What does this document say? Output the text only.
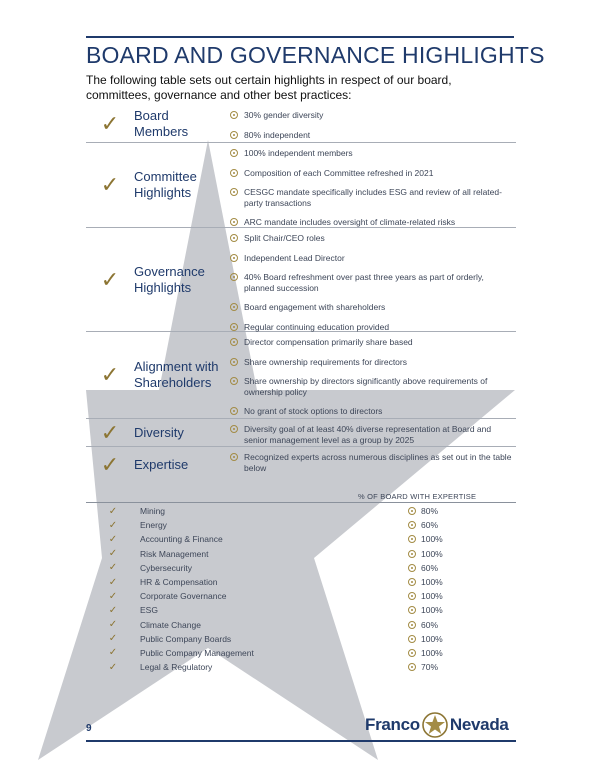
BOARD AND GOVERNANCE HIGHLIGHTS
The following table sets out certain highlights in respect of our board, committees, governance and other best practices:
✓	Board Members
30% gender diversity
80% independent
✓	Committee Highlights
100% independent members
Composition of each Committee refreshed in 2021
CESGC mandate specifically includes ESG and review of all related-party transactions
ARC mandate includes oversight of climate-related risks
✓	Governance Highlights
Split Chair/CEO roles
Independent Lead Director
40% Board refreshment over past three years as part of orderly, planned succession
Board engagement with shareholders
Regular continuing education provided
✓	Alignment with Shareholders
Director compensation primarily share based
Share ownership requirements for directors
Share ownership by directors significantly above requirements of ownership policy
No grant of stock options to directors
✓	Diversity	Diversity goal of at least 40% diverse representation at Board and senior management level as a group by 2025
✓	Expertise	Recognized experts across numerous disciplines as set out in the table below
% OF BOARD WITH EXPERTISE
✓	Mining	80%
✓	Energy	60%
✓	Accounting & Finance	100%
✓	Risk Management	100%
✓	Cybersecurity	60%
✓	HR & Compensation	100%
✓	Corporate Governance	100%
✓	ESG	100%
✓	Climate Change	60%
✓	Public Company Boards	100%
✓	Public Company Management	100%
✓	Legal & Regulatory	70%
9	Franco Nevada
